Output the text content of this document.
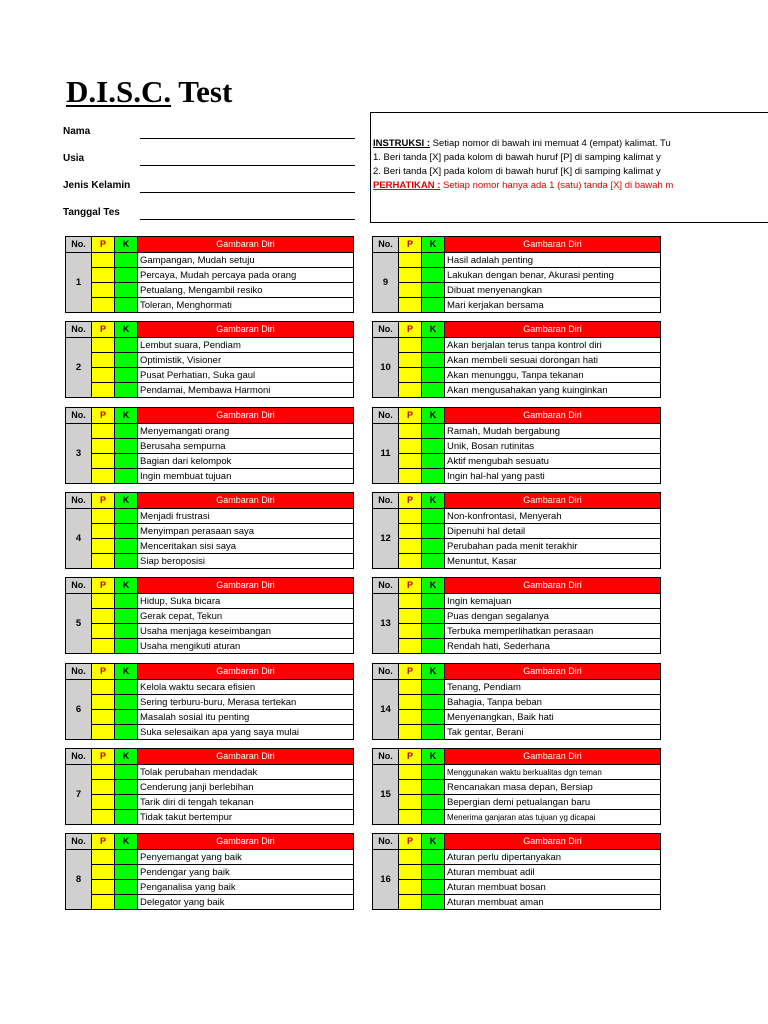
D.I.S.C. Test
Nama
Usia
Jenis Kelamin
Tanggal Tes
INSTRUKSI : Setiap nomor di bawah ini memuat 4 (empat) kalimat. Tu
1. Beri tanda [X] pada kolom di bawah huruf [P] di samping kalimat y
2. Beri tanda [X] pada kolom di bawah huruf [K] di samping kalimat y
PERHATIKAN : Setiap nomor hanya ada 1 (satu) tanda [X] di bawah m
No.	P	K	Gambaran Diri
1			Gampangan, Mudah setuju
			Percaya, Mudah percaya pada orang
			Petualang, Mengambil resiko
			Toleran, Menghormati
No.	P	K	Gambaran Diri
2			Lembut suara, Pendiam
			Optimistik, Visioner
			Pusat Perhatian, Suka gaul
			Pendamai, Membawa Harmoni
No.	P	K	Gambaran Diri
3			Menyemangati orang
			Berusaha sempurna
			Bagian dari kelompok
			Ingin membuat tujuan
No.	P	K	Gambaran Diri
4			Menjadi frustrasi
			Menyimpan perasaan saya
			Menceritakan sisi saya
			Siap beroposisi
No.	P	K	Gambaran Diri
5			Hidup, Suka bicara
			Gerak cepat, Tekun
			Usaha menjaga keseimbangan
			Usaha mengikuti aturan
No.	P	K	Gambaran Diri
6			Kelola waktu secara efisien
			Sering terburu-buru, Merasa tertekan
			Masalah sosial itu penting
			Suka selesaikan apa yang saya mulai
No.	P	K	Gambaran Diri
7			Tolak perubahan mendadak
			Cenderung janji berlebihan
			Tarik diri di tengah tekanan
			Tidak takut bertempur
No.	P	K	Gambaran Diri
8			Penyemangat yang baik
			Pendengar yang baik
			Penganalisa yang baik
			Delegator yang baik
No.	P	K	Gambaran Diri
9			Hasil adalah penting
			Lakukan dengan benar, Akurasi penting
			Dibuat menyenangkan
			Mari kerjakan bersama
No.	P	K	Gambaran Diri
10			Akan berjalan terus tanpa kontrol diri
			Akan membeli sesuai dorongan hati
			Akan menunggu, Tanpa tekanan
			Akan mengusahakan yang kuinginkan
No.	P	K	Gambaran Diri
11			Ramah, Mudah bergabung
			Unik, Bosan rutinitas
			Aktif mengubah sesuatu
			Ingin hal-hal yang pasti
No.	P	K	Gambaran Diri
12			Non-konfrontasi, Menyerah
			Dipenuhi hal detail
			Perubahan pada menit terakhir
			Menuntut, Kasar
No.	P	K	Gambaran Diri
13			Ingin kemajuan
			Puas dengan segalanya
			Terbuka memperlihatkan perasaan
			Rendah hati, Sederhana
No.	P	K	Gambaran Diri
14			Tenang, Pendiam
			Bahagia, Tanpa beban
			Menyenangkan, Baik hati
			Tak gentar, Berani
No.	P	K	Gambaran Diri
15			Menggunakan waktu berkualitas dgn teman
			Rencanakan masa depan, Bersiap
			Bepergian demi petualangan baru
			Menerima ganjaran atas tujuan yg dicapai
No.	P	K	Gambaran Diri
16			Aturan perlu dipertanyakan
			Aturan membuat adil
			Aturan membuat bosan
			Aturan membuat aman
